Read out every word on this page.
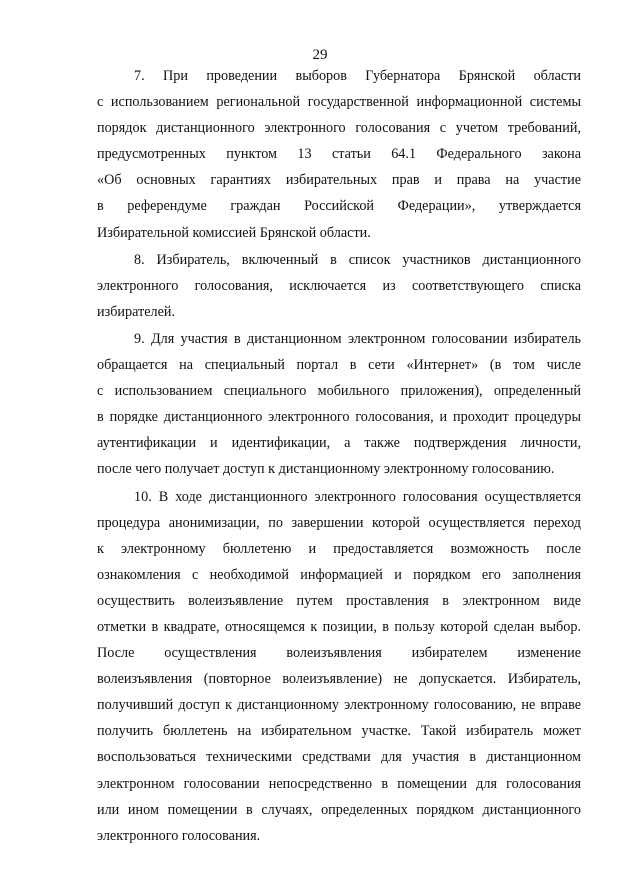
29
7. При проведении выборов Губернатора Брянской области
с использованием региональной государственной информационной системы
порядок дистанционного электронного голосования с учетом требований,
предусмотренных пунктом 13 статьи 64.1 Федерального закона
«Об основных гарантиях избирательных прав и права на участие
в референдуме граждан Российской Федерации», утверждается
Избирательной комиссией Брянской области.
8. Избиратель, включенный в список участников дистанционного
электронного голосования, исключается из соответствующего списка
избирателей.
9. Для участия в дистанционном электронном голосовании избиратель
обращается на специальный портал в сети «Интернет» (в том числе
с использованием специального мобильного приложения), определенный
в порядке дистанционного электронного голосования, и проходит процедуры
аутентификации и идентификации, а также подтверждения личности,
после чего получает доступ к дистанционному электронному голосованию.
10. В ходе дистанционного электронного голосования осуществляется
процедура анонимизации, по завершении которой осуществляется переход
к электронному бюллетеню и предоставляется возможность после
ознакомления с необходимой информацией и порядком его заполнения
осуществить волеизъявление путем проставления в электронном виде
отметки в квадрате, относящемся к позиции, в пользу которой сделан выбор.
После осуществления волеизъявления избирателем изменение
волеизъявления (повторное волеизъявление) не допускается. Избиратель,
получивший доступ к дистанционному электронному голосованию, не вправе
получить бюллетень на избирательном участке. Такой избиратель может
воспользоваться техническими средствами для участия в дистанционном
электронном голосовании непосредственно в помещении для голосования
или ином помещении в случаях, определенных порядком дистанционного
электронного голосования.
